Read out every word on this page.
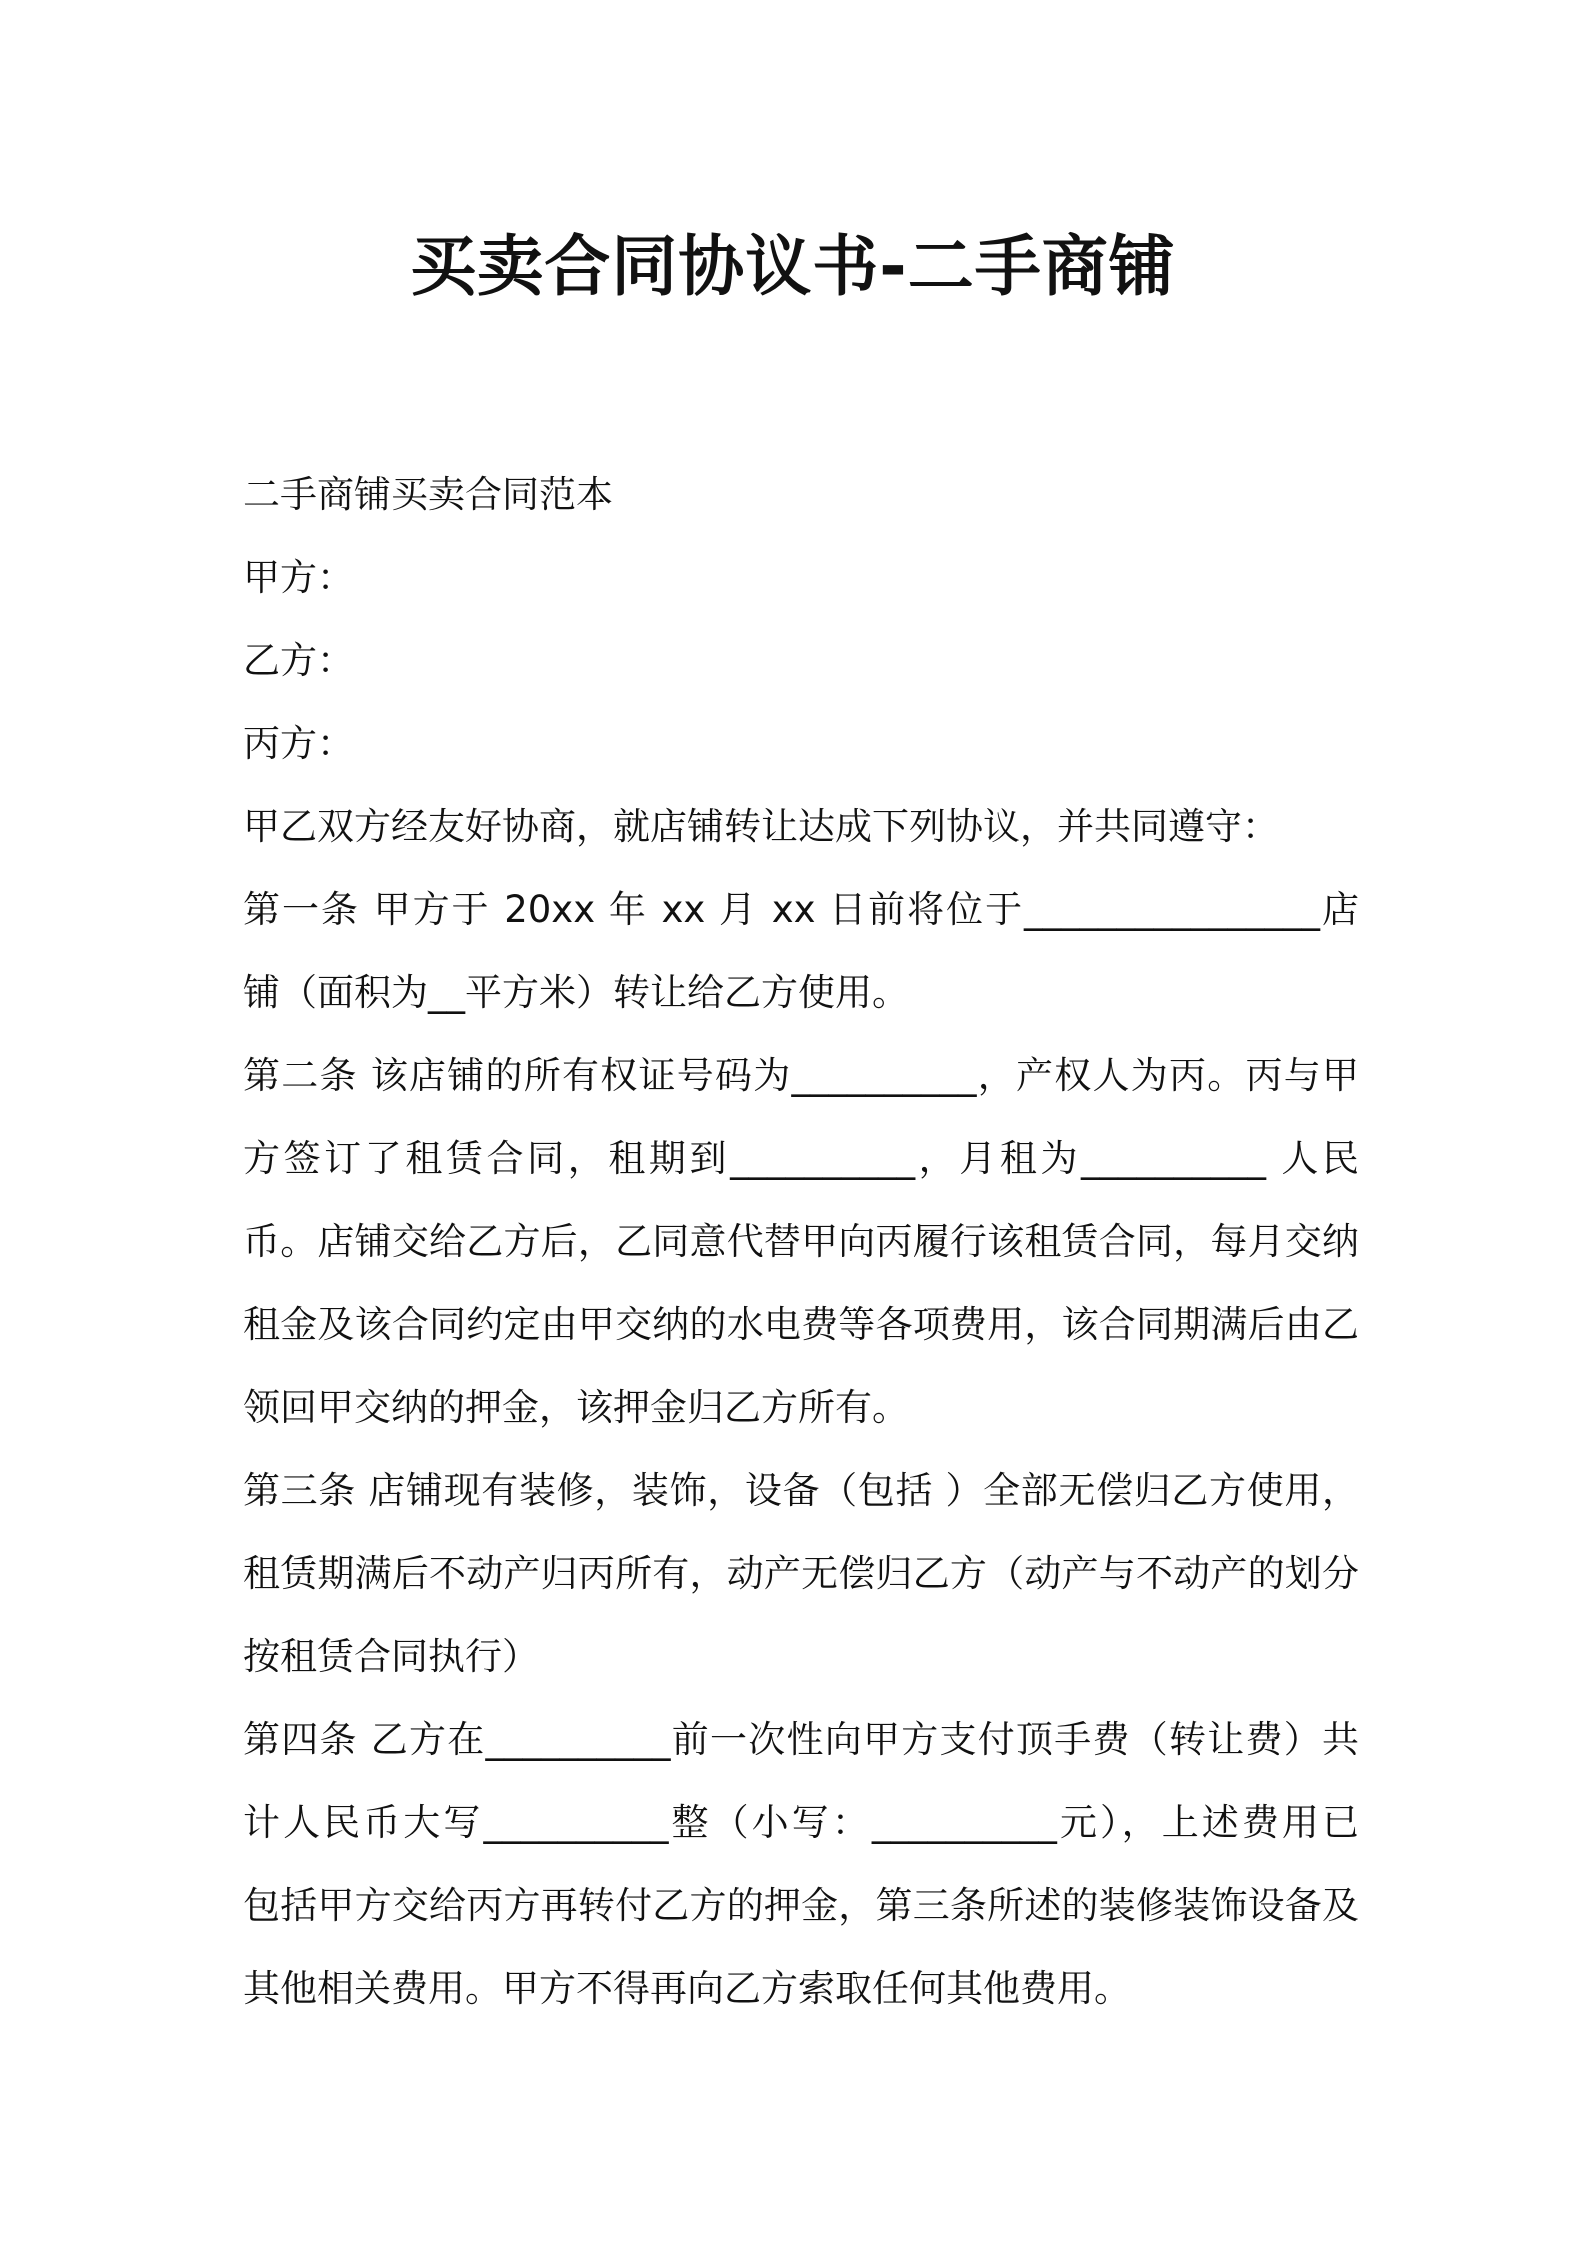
买卖合同协议书-二手商铺

二手商铺买卖合同范本

甲方：

乙方：

丙方：

甲乙双方经友好协商，就店铺转让达成下列协议，并共同遵守：

第一条 甲方于 20xx 年 xx 月 xx 日前将位于________________店
铺（面积为__平方米）转让给乙方使用。
第二条 该店铺的所有权证号码为__________，产权人为丙。丙与甲
方签订了租赁合同，租期到__________，月租为__________ 人民
币。店铺交给乙方后，乙同意代替甲向丙履行该租赁合同，每月交纳
租金及该合同约定由甲交纳的水电费等各项费用，该合同期满后由乙
领回甲交纳的押金，该押金归乙方所有。
第三条 店铺现有装修，装饰，设备（包括 ）全部无偿归乙方使用，
租赁期满后不动产归丙所有，动产无偿归乙方（动产与不动产的划分
按租赁合同执行）
第四条 乙方在__________前一次性向甲方支付顶手费（转让费）共
计人民币大写__________整（小写：__________元），上述费用已
包括甲方交给丙方再转付乙方的押金，第三条所述的装修装饰设备及
其他相关费用。甲方不得再向乙方索取任何其他费用。
